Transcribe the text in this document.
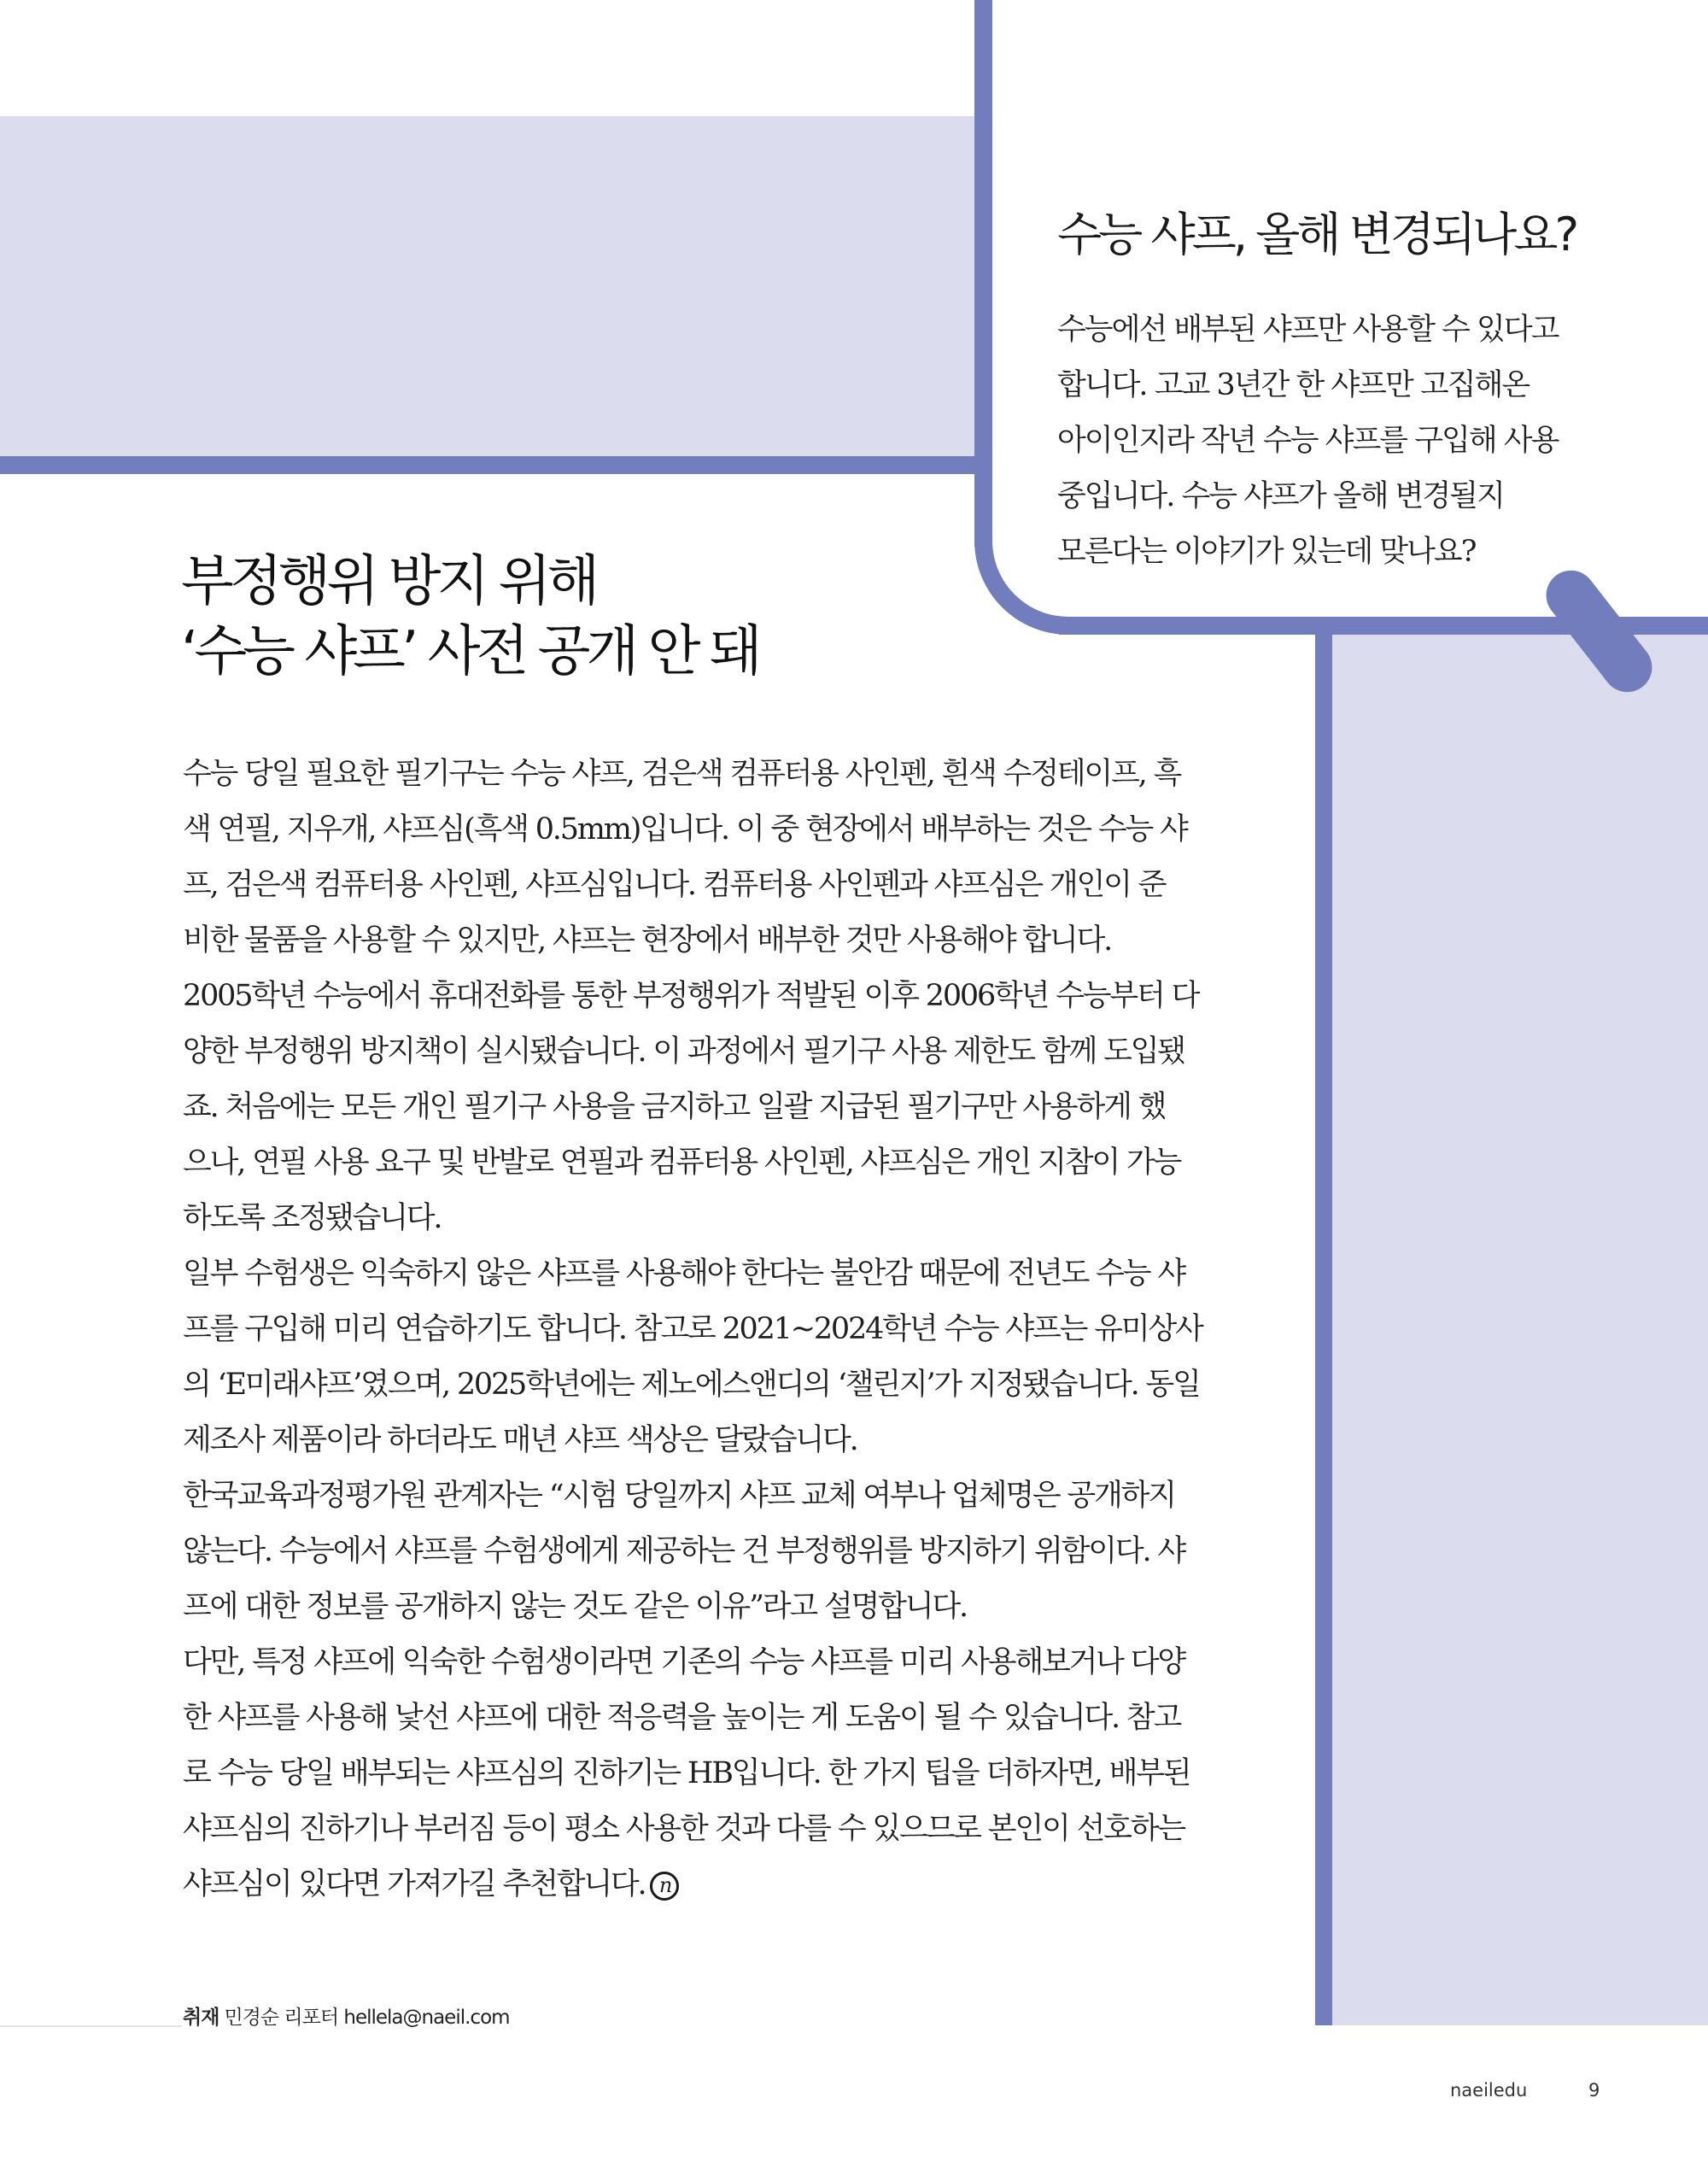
수능 샤프, 올해 변경되나요?
수능에선 배부된 샤프만 사용할 수 있다고
합니다. 고교 3년간 한 샤프만 고집해온
아이인지라 작년 수능 샤프를 구입해 사용
중입니다. 수능 샤프가 올해 변경될지
모른다는 이야기가 있는데 맞나요?
부정행위 방지 위해
‘수능 샤프’ 사전 공개 안 돼
수능 당일 필요한 필기구는 수능 샤프, 검은색 컴퓨터용 사인펜, 흰색 수정테이프, 흑
색 연필, 지우개, 샤프심(흑색 0.5mm)입니다. 이 중 현장에서 배부하는 것은 수능 샤
프, 검은색 컴퓨터용 사인펜, 샤프심입니다. 컴퓨터용 사인펜과 샤프심은 개인이 준
비한 물품을 사용할 수 있지만, 샤프는 현장에서 배부한 것만 사용해야 합니다.
2005학년 수능에서 휴대전화를 통한 부정행위가 적발된 이후 2006학년 수능부터 다
양한 부정행위 방지책이 실시됐습니다. 이 과정에서 필기구 사용 제한도 함께 도입됐
죠. 처음에는 모든 개인 필기구 사용을 금지하고 일괄 지급된 필기구만 사용하게 했
으나, 연필 사용 요구 및 반발로 연필과 컴퓨터용 사인펜, 샤프심은 개인 지참이 가능
하도록 조정됐습니다.
일부 수험생은 익숙하지 않은 샤프를 사용해야 한다는 불안감 때문에 전년도 수능 샤
프를 구입해 미리 연습하기도 합니다. 참고로 2021~2024학년 수능 샤프는 유미상사
의 ‘E미래샤프’였으며, 2025학년에는 제노에스앤디의 ‘챌린지’가 지정됐습니다. 동일
제조사 제품이라 하더라도 매년 샤프 색상은 달랐습니다.
한국교육과정평가원 관계자는 “시험 당일까지 샤프 교체 여부나 업체명은 공개하지
않는다. 수능에서 샤프를 수험생에게 제공하는 건 부정행위를 방지하기 위함이다. 샤
프에 대한 정보를 공개하지 않는 것도 같은 이유”라고 설명합니다.
다만, 특정 샤프에 익숙한 수험생이라면 기존의 수능 샤프를 미리 사용해보거나 다양
한 샤프를 사용해 낯선 샤프에 대한 적응력을 높이는 게 도움이 될 수 있습니다. 참고
로 수능 당일 배부되는 샤프심의 진하기는 HB입니다. 한 가지 팁을 더하자면, 배부된
샤프심의 진하기나 부러짐 등이 평소 사용한 것과 다를 수 있으므로 본인이 선호하는
샤프심이 있다면 가져가길 추천합니다. n
취재 민경순 리포터 hellela@naeil.com
naeiledu	9
